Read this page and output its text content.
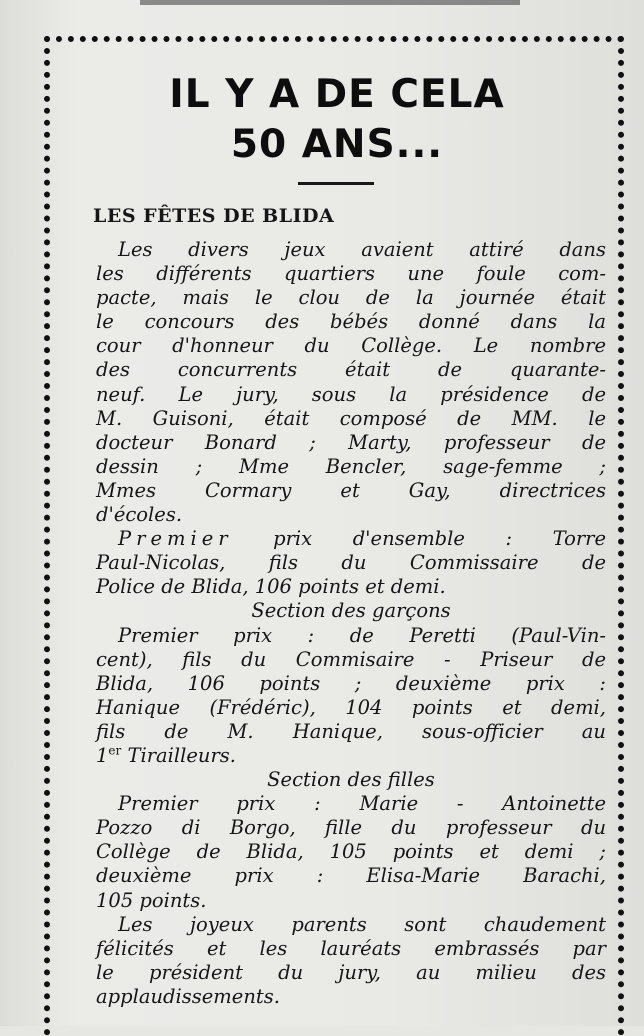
IL Y A DE CELA
50 ANS...
LES FÊTES DE BLIDA
Les divers jeux avaient attiré dans
les différents quartiers une foule com-
pacte, mais le clou de la journée était
le concours des bébés donné dans la
cour d'honneur du Collège. Le nombre
des concurrents était de quarante-
neuf. Le jury, sous la présidence de
M. Guisoni, était composé de MM. le
docteur Bonard ; Marty, professeur de
dessin ; Mme Bencler, sage-femme ;
Mmes Cormary et Gay, directrices
d'écoles.
Premier prix d'ensemble : Torre
Paul-Nicolas, fils du Commissaire de
Police de Blida, 106 points et demi.
Section des garçons
Premier prix : de Peretti (Paul-Vin-
cent), fils du Commisaire - Priseur de
Blida, 106 points ; deuxième prix :
Hanique (Frédéric), 104 points et demi,
fils de M. Hanique, sous-officier au
1er Tirailleurs.
Section des filles
Premier prix : Marie - Antoinette
Pozzo di Borgo, fille du professeur du
Collège de Blida, 105 points et demi ;
deuxième prix : Elisa-Marie Barachi,
105 points.
Les joyeux parents sont chaudement
félicités et les lauréats embrassés par
le président du jury, au milieu des
applaudissements.
